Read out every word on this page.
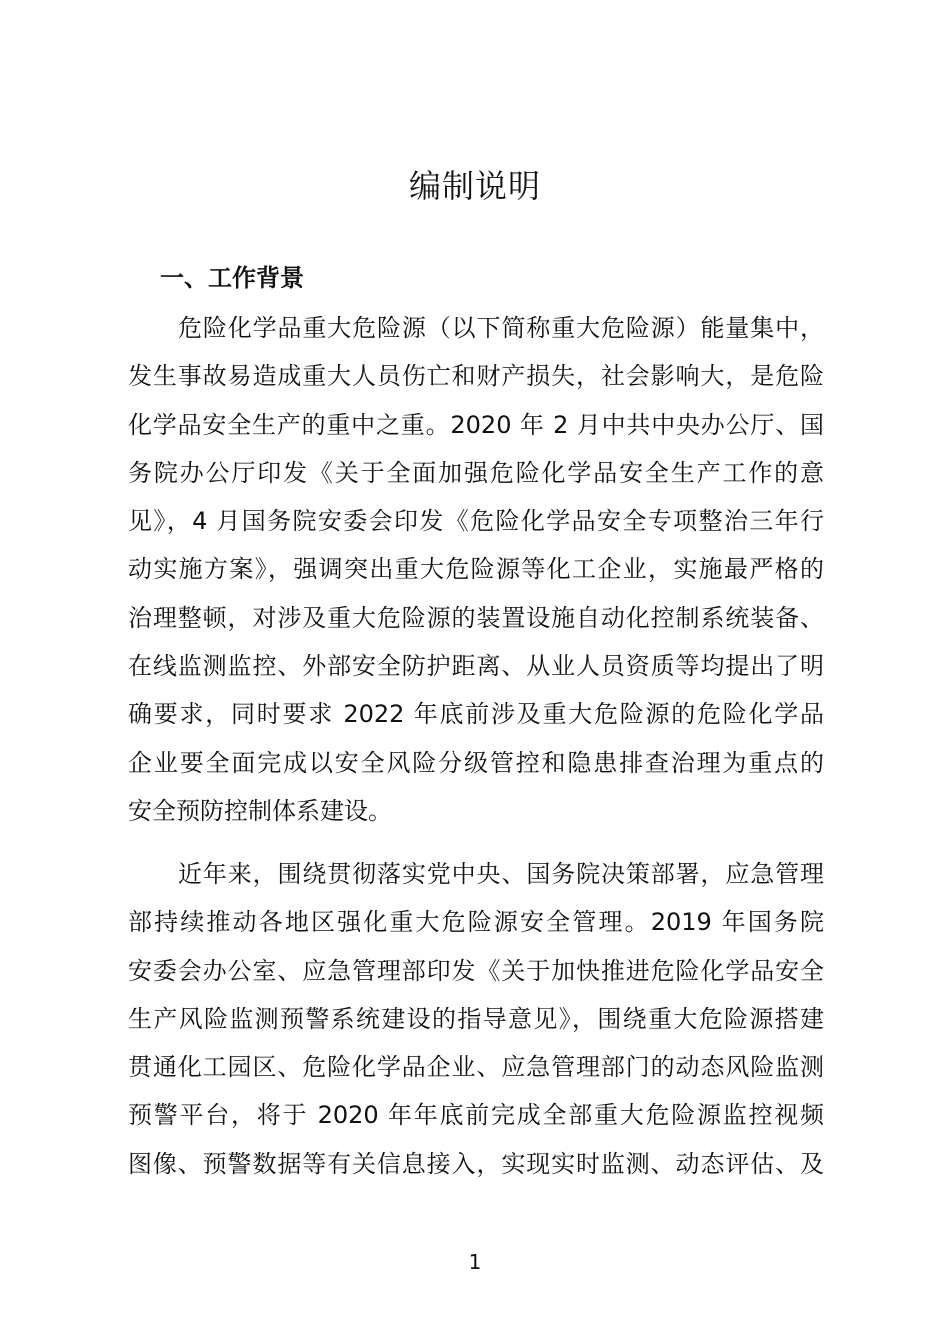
编制说明
一、工作背景
危险化学品重大危险源（以下简称重大危险源）能量集中，
发生事故易造成重大人员伤亡和财产损失，社会影响大，是危险
化学品安全生产的重中之重。2020 年 2 月中共中央办公厅、国
务院办公厅印发《关于全面加强危险化学品安全生产工作的意
见》，4 月国务院安委会印发《危险化学品安全专项整治三年行
动实施方案》，强调突出重大危险源等化工企业，实施最严格的
治理整顿，对涉及重大危险源的装置设施自动化控制系统装备、
在线监测监控、外部安全防护距离、从业人员资质等均提出了明
确要求，同时要求 2022 年底前涉及重大危险源的危险化学品
企业要全面完成以安全风险分级管控和隐患排查治理为重点的
安全预防控制体系建设。
近年来，围绕贯彻落实党中央、国务院决策部署，应急管理
部持续推动各地区强化重大危险源安全管理。2019 年国务院
安委会办公室、应急管理部印发《关于加快推进危险化学品安全
生产风险监测预警系统建设的指导意见》，围绕重大危险源搭建
贯通化工园区、危险化学品企业、应急管理部门的动态风险监测
预警平台，将于 2020 年年底前完成全部重大危险源监控视频
图像、预警数据等有关信息接入，实现实时监测、动态评估、及
1
